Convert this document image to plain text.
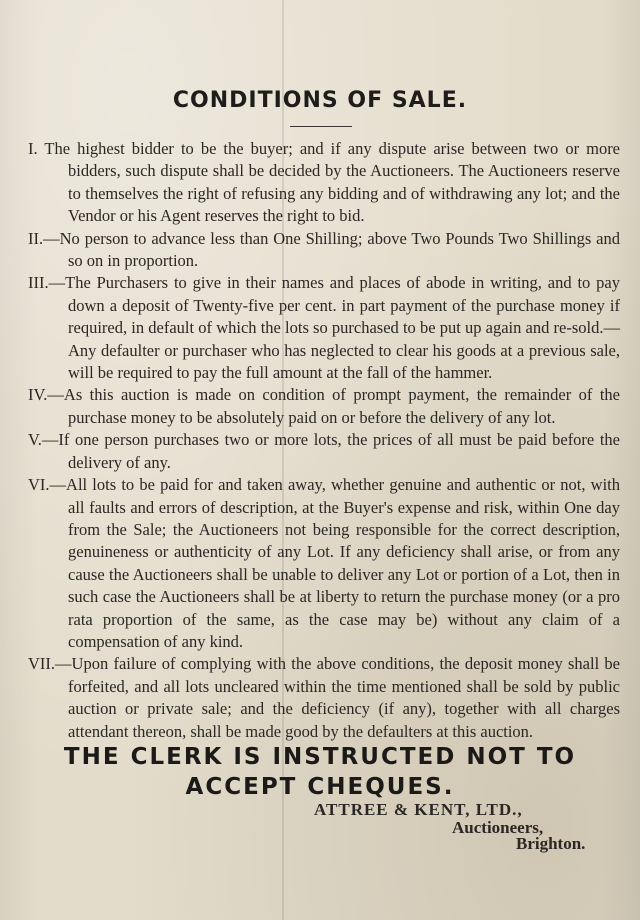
CONDITIONS OF SALE.

I. The highest bidder to be the buyer; and if any dispute arise between two or more bidders, such dispute shall be decided by the Auctioneers. The Auctioneers reserve to themselves the right of refusing any bidding and of withdrawing any lot; and the Vendor or his Agent reserves the right to bid.

II.—No person to advance less than One Shilling; above Two Pounds Two Shillings and so on in proportion.

III.—The Purchasers to give in their names and places of abode in writing, and to pay down a deposit of Twenty-five per cent. in part payment of the purchase money if required, in default of which the lots so purchased to be put up again and re-sold.—Any defaulter or purchaser who has neglected to clear his goods at a previous sale, will be required to pay the full amount at the fall of the hammer.

IV.—As this auction is made on condition of prompt payment, the remainder of the purchase money to be absolutely paid on or before the delivery of any lot.

V.—If one person purchases two or more lots, the prices of all must be paid before the delivery of any.

VI.—All lots to be paid for and taken away, whether genuine and authentic or not, with all faults and errors of description, at the Buyer's expense and risk, within One day from the Sale; the Auctioneers not being responsible for the correct description, genuineness or authenticity of any Lot. If any deficiency shall arise, or from any cause the Auctioneers shall be unable to deliver any Lot or portion of a Lot, then in such case the Auctioneers shall be at liberty to return the purchase money (or a pro rata proportion of the same, as the case may be) without any claim of a compensation of any kind.

VII.—Upon failure of complying with the above conditions, the deposit money shall be forfeited, and all lots uncleared within the time mentioned shall be sold by public auction or private sale; and the deficiency (if any), together with all charges attendant thereon, shall be made good by the defaulters at this auction.

THE CLERK IS INSTRUCTED NOT TO
ACCEPT CHEQUES.
ATTREE & KENT, LTD.,
Auctioneers,
Brighton.
